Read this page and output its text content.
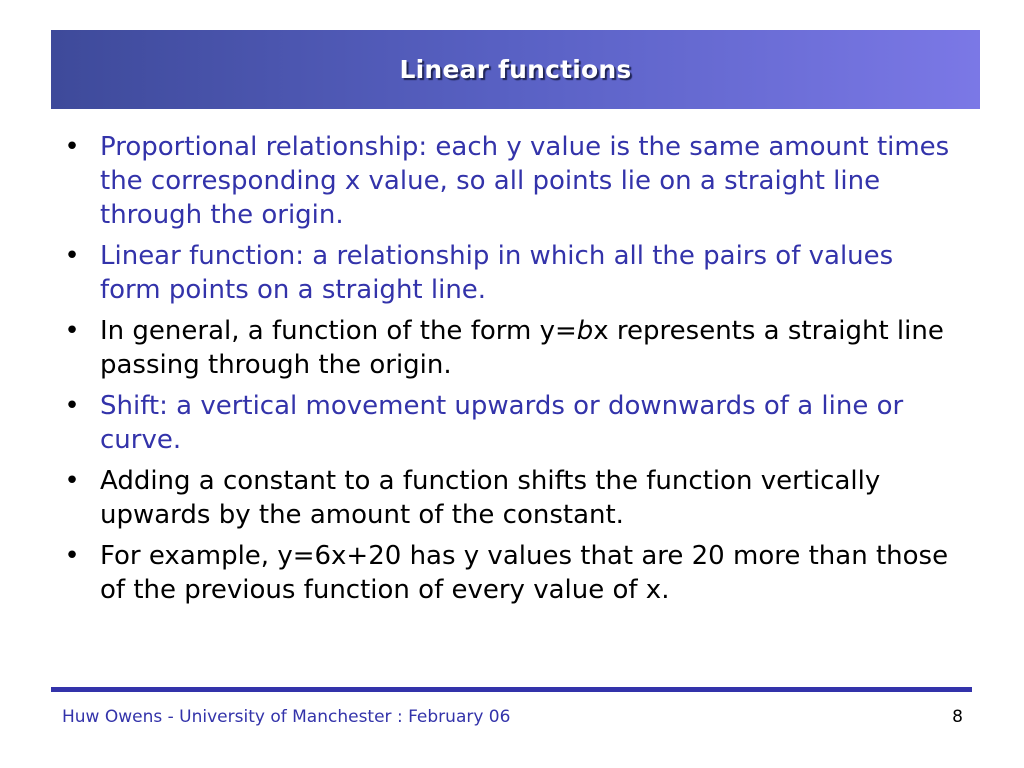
Linear functions
• Proportional relationship: each y value is the same amount times the corresponding x value, so all points lie on a straight line through the origin.
• Linear function: a relationship in which all the pairs of values form points on a straight line.
• In general, a function of the form y=bx represents a straight line passing through the origin.
• Shift: a vertical movement upwards or downwards of a line or curve.
• Adding a constant to a function shifts the function vertically upwards by the amount of the constant.
• For example, y=6x+20 has y values that are 20 more than those of the previous function of every value of x.
Huw Owens - University of Manchester : February 06	8
